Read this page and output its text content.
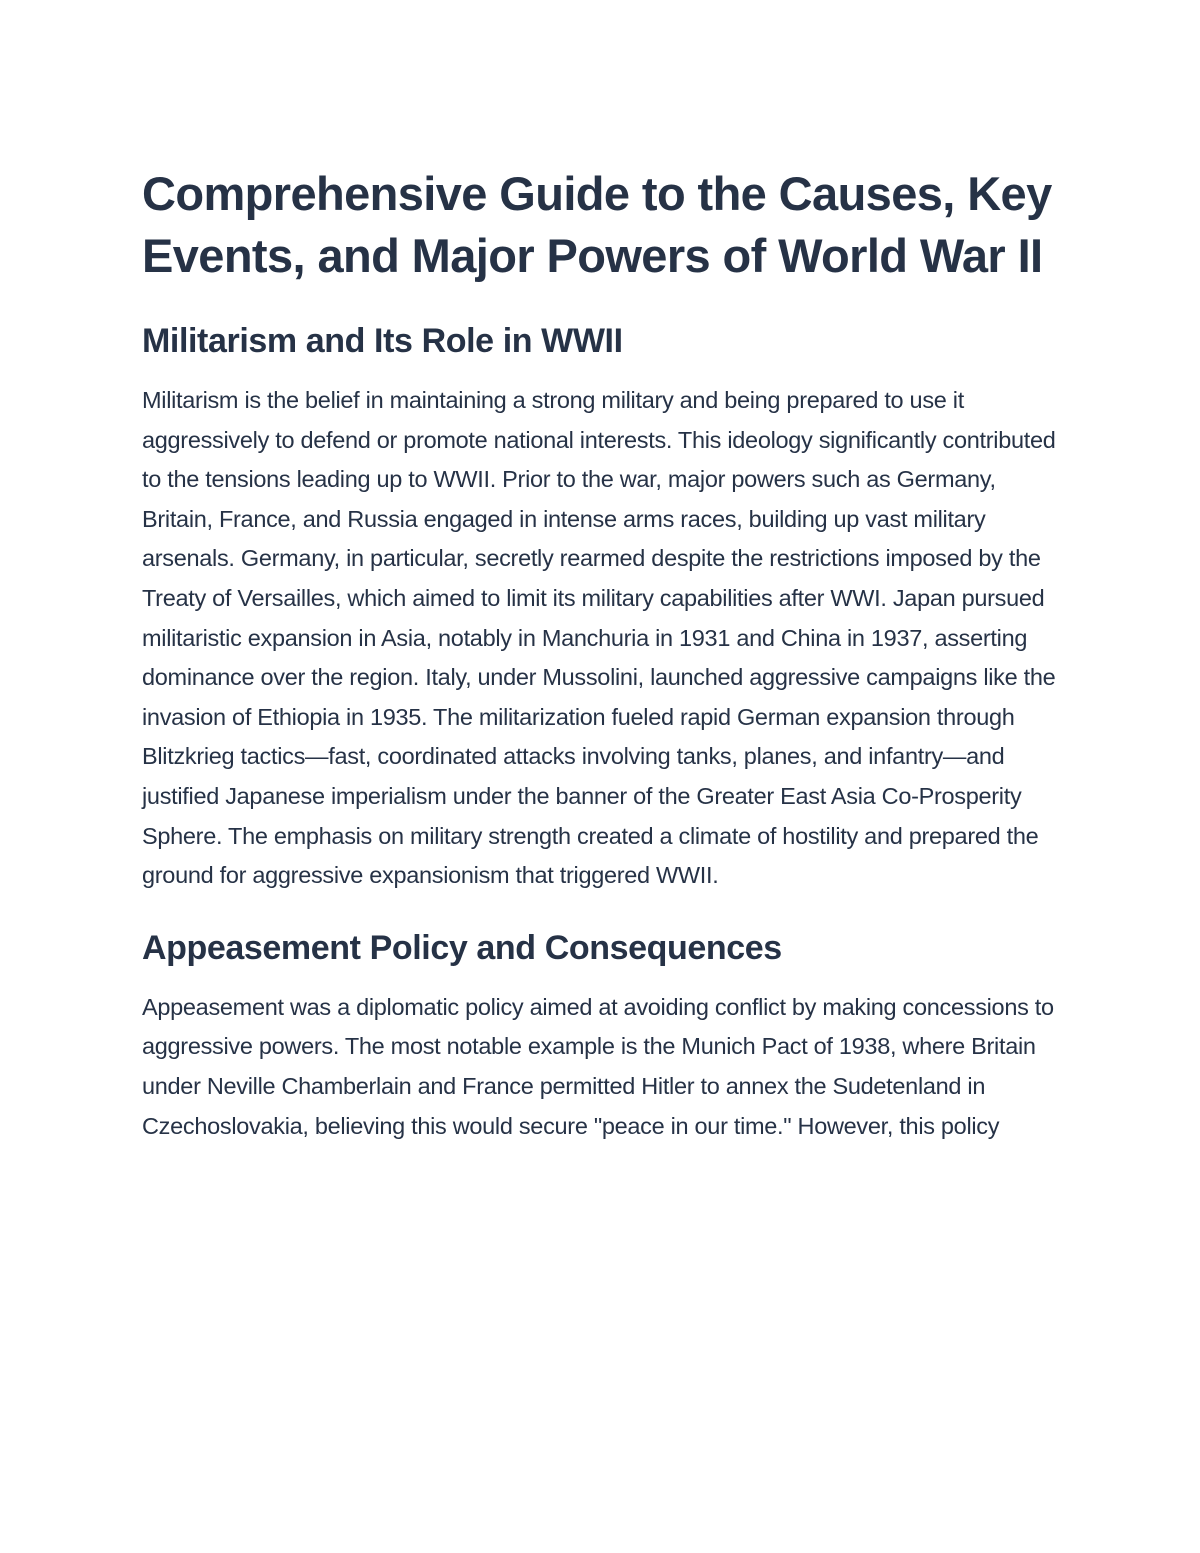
Comprehensive Guide to the Causes, Key Events, and Major Powers of World War II
Militarism and Its Role in WWII

Militarism is the belief in maintaining a strong military and being prepared to use it aggressively to defend or promote national interests. This ideology significantly contributed to the tensions leading up to WWII. Prior to the war, major powers such as Germany, Britain, France, and Russia engaged in intense arms races, building up vast military arsenals. Germany, in particular, secretly rearmed despite the restrictions imposed by the Treaty of Versailles, which aimed to limit its military capabilities after WWI. Japan pursued militaristic expansion in Asia, notably in Manchuria in 1931 and China in 1937, asserting dominance over the region. Italy, under Mussolini, launched aggressive campaigns like the invasion of Ethiopia in 1935. The militarization fueled rapid German expansion through Blitzkrieg tactics—fast, coordinated attacks involving tanks, planes, and infantry—and justified Japanese imperialism under the banner of the Greater East Asia Co-Prosperity Sphere. The emphasis on military strength created a climate of hostility and prepared the ground for aggressive expansionism that triggered WWII.

Appeasement Policy and Consequences

Appeasement was a diplomatic policy aimed at avoiding conflict by making concessions to aggressive powers. The most notable example is the Munich Pact of 1938, where Britain under Neville Chamberlain and France permitted Hitler to annex the Sudetenland in Czechoslovakia, believing this would secure "peace in our time." However, this policy
